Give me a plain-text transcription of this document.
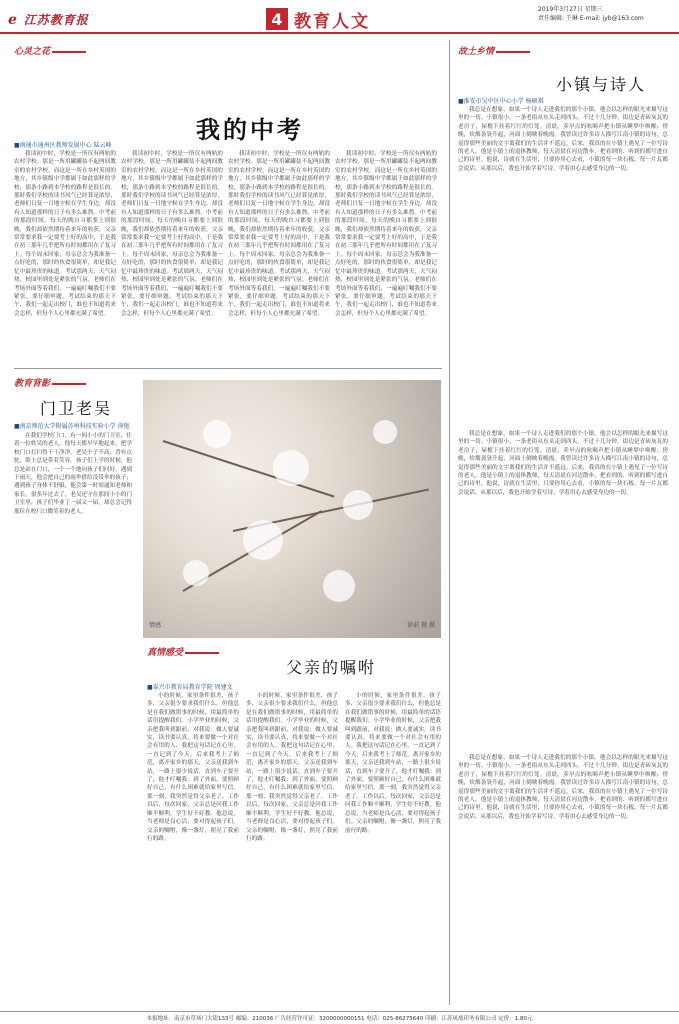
e 江苏教育报	4 教育人文
2019年3月27日 星期三
责任编辑: 王琳 E-mail: jyb@163.com
心灵之花
我的中考
■南通市通州区教师发展中心 陆云峰
我读初中时，学校是一所仅有两轨的农村学校。那是一所用罐罐装不起两间教室的农村学校。而这是一所在乡村英国的地方，其乡镇级中学都属于如此那样的学校，那条小路到本学校的路程是很长的。那时我们学校的读书风气已经算是浓厚，老师们日复一日地守候在学生身边，却没有人知道那样的日子有多么难熬。中考前的那段时间，每天的晚自习都要上到很晚，我们却依然期待着来年的收获。父亲常常要求我一定要考上好的高中，于是我在初三那年几乎把所有时间都用在了复习上。每个周末回家，母亲总会为我准备一点好吃的，那时的伙食很简单，却是我记忆中最珍贵的味道。考试那两天，天气闷热，校园里到处是紧张的气氛。老师们在考场外面等着我们，一遍遍叮嘱我们不要紧张，要仔细审题。考试结束的那天下午，我们一起走出校门，谁也不知道将来会怎样，但每个人心里都充满了希望。
我读初中时，学校是一所仅有两轨的农村学校。那是一所用罐罐装不起两间教室的农村学校。而这是一所在乡村英国的地方，其乡镇级中学都属于如此那样的学校，那条小路到本学校的路程是很长的。那时我们学校的读书风气已经算是浓厚，老师们日复一日地守候在学生身边，却没有人知道那样的日子有多么难熬。中考前的那段时间，每天的晚自习都要上到很晚，我们却依然期待着来年的收获。父亲常常要求我一定要考上好的高中，于是我在初三那年几乎把所有时间都用在了复习上。每个周末回家，母亲总会为我准备一点好吃的，那时的伙食很简单，却是我记忆中最珍贵的味道。考试那两天，天气闷热，校园里到处是紧张的气氛。老师们在考场外面等着我们，一遍遍叮嘱我们不要紧张，要仔细审题。考试结束的那天下午，我们一起走出校门，谁也不知道将来会怎样，但每个人心里都充满了希望。
我读初中时，学校是一所仅有两轨的农村学校。那是一所用罐罐装不起两间教室的农村学校。而这是一所在乡村英国的地方，其乡镇级中学都属于如此那样的学校，那条小路到本学校的路程是很长的。那时我们学校的读书风气已经算是浓厚，老师们日复一日地守候在学生身边，却没有人知道那样的日子有多么难熬。中考前的那段时间，每天的晚自习都要上到很晚，我们却依然期待着来年的收获。父亲常常要求我一定要考上好的高中，于是我在初三那年几乎把所有时间都用在了复习上。每个周末回家，母亲总会为我准备一点好吃的，那时的伙食很简单，却是我记忆中最珍贵的味道。考试那两天，天气闷热，校园里到处是紧张的气氛。老师们在考场外面等着我们，一遍遍叮嘱我们不要紧张，要仔细审题。考试结束的那天下午，我们一起走出校门，谁也不知道将来会怎样，但每个人心里都充满了希望。
我读初中时，学校是一所仅有两轨的农村学校。那是一所用罐罐装不起两间教室的农村学校。而这是一所在乡村英国的地方，其乡镇级中学都属于如此那样的学校，那条小路到本学校的路程是很长的。那时我们学校的读书风气已经算是浓厚，老师们日复一日地守候在学生身边，却没有人知道那样的日子有多么难熬。中考前的那段时间，每天的晚自习都要上到很晚，我们却依然期待着来年的收获。父亲常常要求我一定要考上好的高中，于是我在初三那年几乎把所有时间都用在了复习上。每个周末回家，母亲总会为我准备一点好吃的，那时的伙食很简单，却是我记忆中最珍贵的味道。考试那两天，天气闷热，校园里到处是紧张的气氛。老师们在考场外面等着我们，一遍遍叮嘱我们不要紧张，要仔细审题。考试结束的那天下午，我们一起走出校门，谁也不知道将来会怎样，但每个人心里都充满了希望。
故土乡情
小镇与诗人
■淮安市吴中区中心小学 杨硕祺
我总是在想象，如果一个诗人走进我们的那个小镇，他会以怎样的眼光来描写这里的一切。小镇很小，一条老街从东头走到西头，不过十几分钟。街边是青砖灰瓦的老房子，屋檐下挂着红红的灯笼。清晨，卖早点的吆喝声把小镇从睡梦中唤醒；傍晚，炊烟袅袅升起，河面上倒映着晚霞。我曾读过许多诗人描写江南小镇的诗句，总觉得那些美丽的文字离我们的生活并不遥远。后来，我真的在小镇上遇见了一位写诗的老人。他是小镇上的退休教师，每天清晨在河边散步，把看到的、听到的都写进自己的诗里。他说，诗就在生活里，只要你用心去看，小镇的每一块石板、每一片瓦都会说话。从那以后，我也开始学着写诗，学着用心去感受身边的一切。
我总是在想象，如果一个诗人走进我们的那个小镇，他会以怎样的眼光来描写这里的一切。小镇很小，一条老街从东头走到西头，不过十几分钟。街边是青砖灰瓦的老房子，屋檐下挂着红红的灯笼。清晨，卖早点的吆喝声把小镇从睡梦中唤醒；傍晚，炊烟袅袅升起，河面上倒映着晚霞。我曾读过许多诗人描写江南小镇的诗句，总觉得那些美丽的文字离我们的生活并不遥远。后来，我真的在小镇上遇见了一位写诗的老人。他是小镇上的退休教师，每天清晨在河边散步，把看到的、听到的都写进自己的诗里。他说，诗就在生活里，只要你用心去看，小镇的每一块石板、每一片瓦都会说话。从那以后，我也开始学着写诗，学着用心去感受身边的一切。
我总是在想象，如果一个诗人走进我们的那个小镇，他会以怎样的眼光来描写这里的一切。小镇很小，一条老街从东头走到西头，不过十几分钟。街边是青砖灰瓦的老房子，屋檐下挂着红红的灯笼。清晨，卖早点的吆喝声把小镇从睡梦中唤醒；傍晚，炊烟袅袅升起，河面上倒映着晚霞。我曾读过许多诗人描写江南小镇的诗句，总觉得那些美丽的文字离我们的生活并不遥远。后来，我真的在小镇上遇见了一位写诗的老人。他是小镇上的退休教师，每天清晨在河边散步，把看到的、听到的都写进自己的诗里。他说，诗就在生活里，只要你用心去看，小镇的每一块石板、每一片瓦都会说话。从那以后，我也开始学着写诗，学着用心去感受身边的一切。
教育背影
门卫老吴
■南京师范大学附属苏州科技实验小学 徐艳
在我们学校门口，有一间小小的门卫室，住着一位姓吴的老人。他每天都早早地起来，把学校门口打扫得干干净净。老吴个子不高，背有点驼，脸上总是带着笑容。孩子们上学的时候，他总是站在门口，一个一个地向孩子们问好。遇到下雨天，他会把自己的雨伞借给没带伞的孩子；遇到孩子身体不舒服，他会第一时间通知老师和家长。很多年过去了，老吴还守在那间小小的门卫室里，孩子们毕业了一届又一届，却总会记得那位在校门口微笑着的老人。
情感	徐前 摄 摄
真情感受
父亲的嘱咐
■泰兴市教育局教育学院 周建文
小的时候，家里条件很差，孩子多，父亲很少要求我们什么，但他总是在我们做错事的时候，用最简单的话语提醒我们。小学毕业的时候，父亲把我叫到跟前，对我说：做人要诚实，读书要认真，将来要做一个对社会有用的人。我把这句话记在心里，一直记到了今天。后来我考上了师范，离开家乡的那天，父亲送我到车站，一路上很少说话，直到车子要开了，他才叮嘱我：到了外面，要照顾好自己，有什么困难就给家里写信。那一刻，我突然觉得父亲老了。工作以后，每次回家，父亲总是问我工作顺不顺利，学生好不好教。他总说，当老师是良心活，要对得起孩子们。父亲的嘱咐，像一盏灯，照亮了我前行的路。
小的时候，家里条件很差，孩子多，父亲很少要求我们什么，但他总是在我们做错事的时候，用最简单的话语提醒我们。小学毕业的时候，父亲把我叫到跟前，对我说：做人要诚实，读书要认真，将来要做一个对社会有用的人。我把这句话记在心里，一直记到了今天。后来我考上了师范，离开家乡的那天，父亲送我到车站，一路上很少说话，直到车子要开了，他才叮嘱我：到了外面，要照顾好自己，有什么困难就给家里写信。那一刻，我突然觉得父亲老了。工作以后，每次回家，父亲总是问我工作顺不顺利，学生好不好教。他总说，当老师是良心活，要对得起孩子们。父亲的嘱咐，像一盏灯，照亮了我前行的路。
小的时候，家里条件很差，孩子多，父亲很少要求我们什么，但他总是在我们做错事的时候，用最简单的话语提醒我们。小学毕业的时候，父亲把我叫到跟前，对我说：做人要诚实，读书要认真，将来要做一个对社会有用的人。我把这句话记在心里，一直记到了今天。后来我考上了师范，离开家乡的那天，父亲送我到车站，一路上很少说话，直到车子要开了，他才叮嘱我：到了外面，要照顾好自己，有什么困难就给家里写信。那一刻，我突然觉得父亲老了。工作以后，每次回家，父亲总是问我工作顺不顺利，学生好不好教。他总说，当老师是良心活，要对得起孩子们。父亲的嘱咐，像一盏灯，照亮了我前行的路。
本报地址：南京市草场门大街133号 邮编：210036 广告经营许可证：3200000000151 电话：025-86275640 印刷：江苏凤凰印务有限公司 定价：1.80元
